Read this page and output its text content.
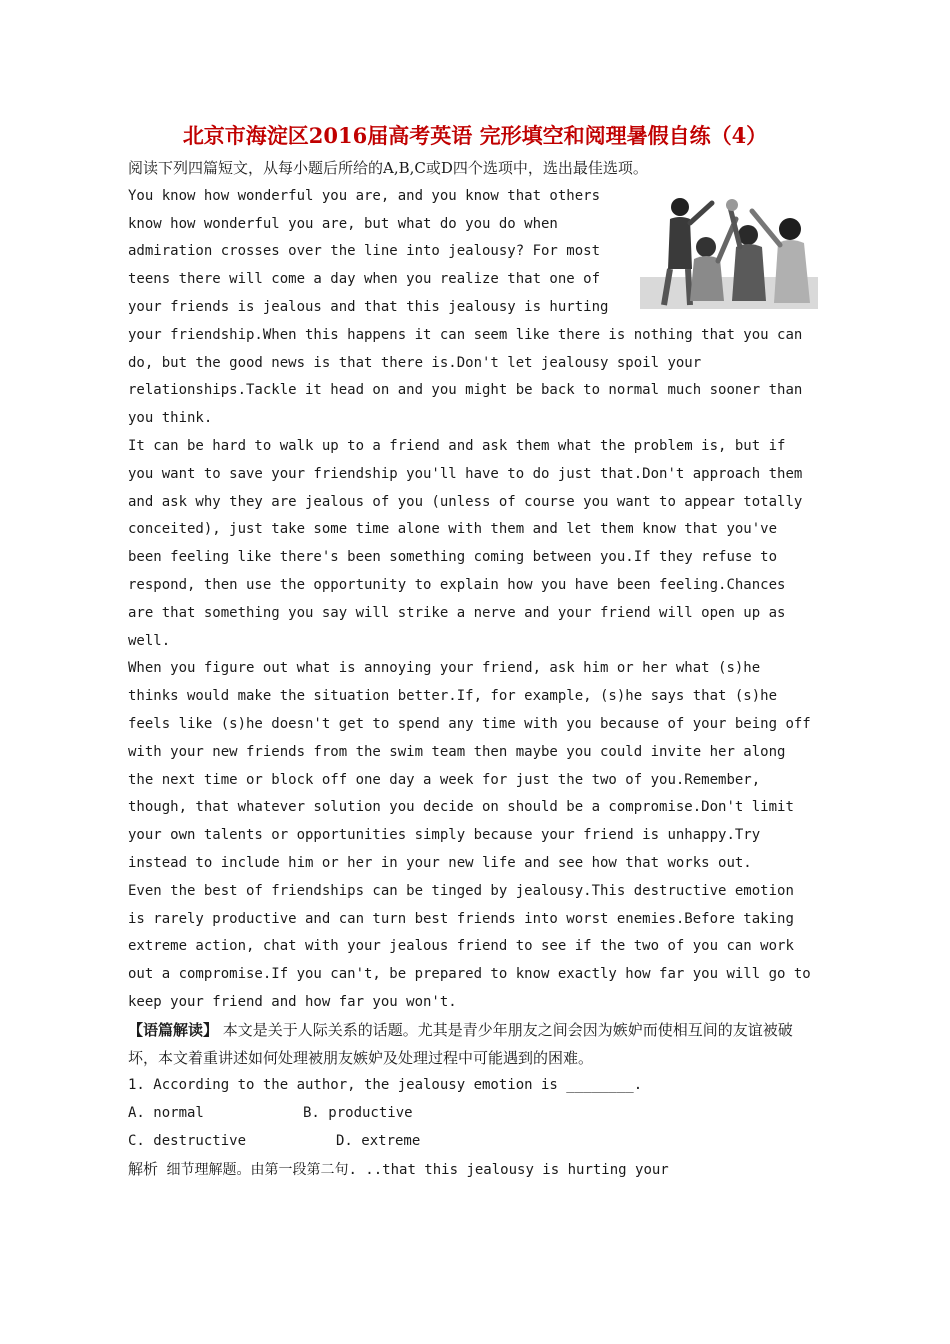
北京市海淀区2016届高考英语 完形填空和阅理暑假自练（4）

阅读下列四篇短文，从每小题后所给的A,B,C或D四个选项中，选出最佳选项。

You know how wonderful you are, and you know that others know how wonderful you are, but what do you do when admiration crosses over the line into jealousy? For most teens there will come a day when you realize that one of your friends is jealous and that this jealousy is hurting your friendship.When this happens it can seem like there is nothing that you can do, but the good news is that there is.Don't let jealousy spoil your relationships.Tackle it head on and you might be back to normal much sooner than you think.

It can be hard to walk up to a friend and ask them what the problem is, but if you want to save your friendship you'll have to do just that.Don't approach them and ask why they are jealous of you (unless of course you want to appear totally conceited), just take some time alone with them and let them know that you've been feeling like there's been something coming between you.If they refuse to respond, then use the opportunity to explain how you have been feeling.Chances are that something you say will strike a nerve and your friend will open up as well.

When you figure out what is annoying your friend, ask him or her what (s)he thinks would make the situation better.If, for example, (s)he says that (s)he feels like (s)he doesn't get to spend any time with you because of your being off with your new friends from the swim team then maybe you could invite her along the next time or block off one day a week for just the two of you.Remember, though, that whatever solution you decide on should be a compromise.Don't limit your own talents or opportunities simply because your friend is unhappy.Try instead to include him or her in your new life and see how that works out.

Even the best of friendships can be tinged by jealousy.This destructive emotion is rarely productive and can turn best friends into worst enemies.Before taking extreme action, chat with your jealous friend to see if the two of you can work out a compromise.If you can't, be prepared to know exactly how far you will go to keep your friend and how far you won't.

【语篇解读】 本文是关于人际关系的话题。尤其是青少年朋友之间会因为嫉妒而使相互间的友谊被破坏，本文着重讲述如何处理被朋友嫉妒及处理过程中可能遇到的困难。

1. According to the author, the jealousy emotion is ________.

A. normal	B. productive

C. destructive	D. extreme

解析 细节理解题。由第一段第二句. ..that this jealousy is hurting your
